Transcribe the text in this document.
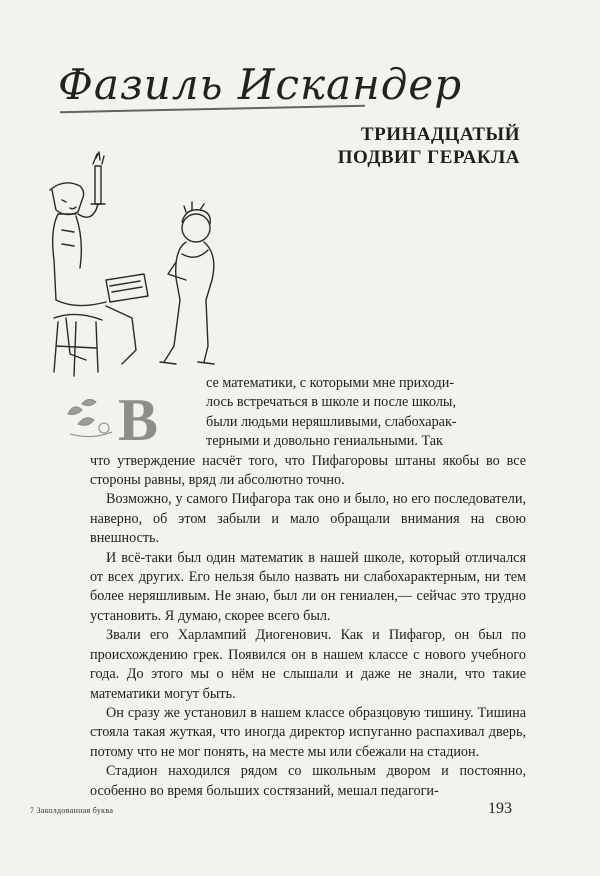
Фазиль Искандер
ТРИНАДЦАТЫЙ
ПОДВИГ ГЕРАКЛА
В

се математики, с которыми мне приходи-
лось встречаться в школе и после школы,
были людьми неряшливыми, слабохарак-
терными и довольно гениальными. Так
что утверждение насчёт того, что Пифагоровы штаны якобы во все стороны равны, вряд ли абсолютно точно.

Возможно, у самого Пифагора так оно и было, но его последователи, наверно, об этом забыли и мало обращали внимания на свою внешность.

И всё-таки был один математик в нашей школе, который отличался от всех других. Его нельзя было назвать ни слабохарактерным, ни тем более неряшливым. Не знаю, был ли он гениален,— сейчас это трудно установить. Я думаю, скорее всего был.

Звали его Харлампий Диогенович. Как и Пифагор, он был по происхождению грек. Появился он в нашем классе с нового учебного года. До этого мы о нём не слышали и даже не знали, что такие математики могут быть.

Он сразу же установил в нашем классе образцовую тишину. Тишина стояла такая жуткая, что иногда директор испуганно распахивал дверь, потому что не мог понять, на месте мы или сбежали на стадион.

Стадион находился рядом со школьным двором и постоянно, особенно во время больших состязаний, мешал педагоги-

7 Заколдованная буква	193
